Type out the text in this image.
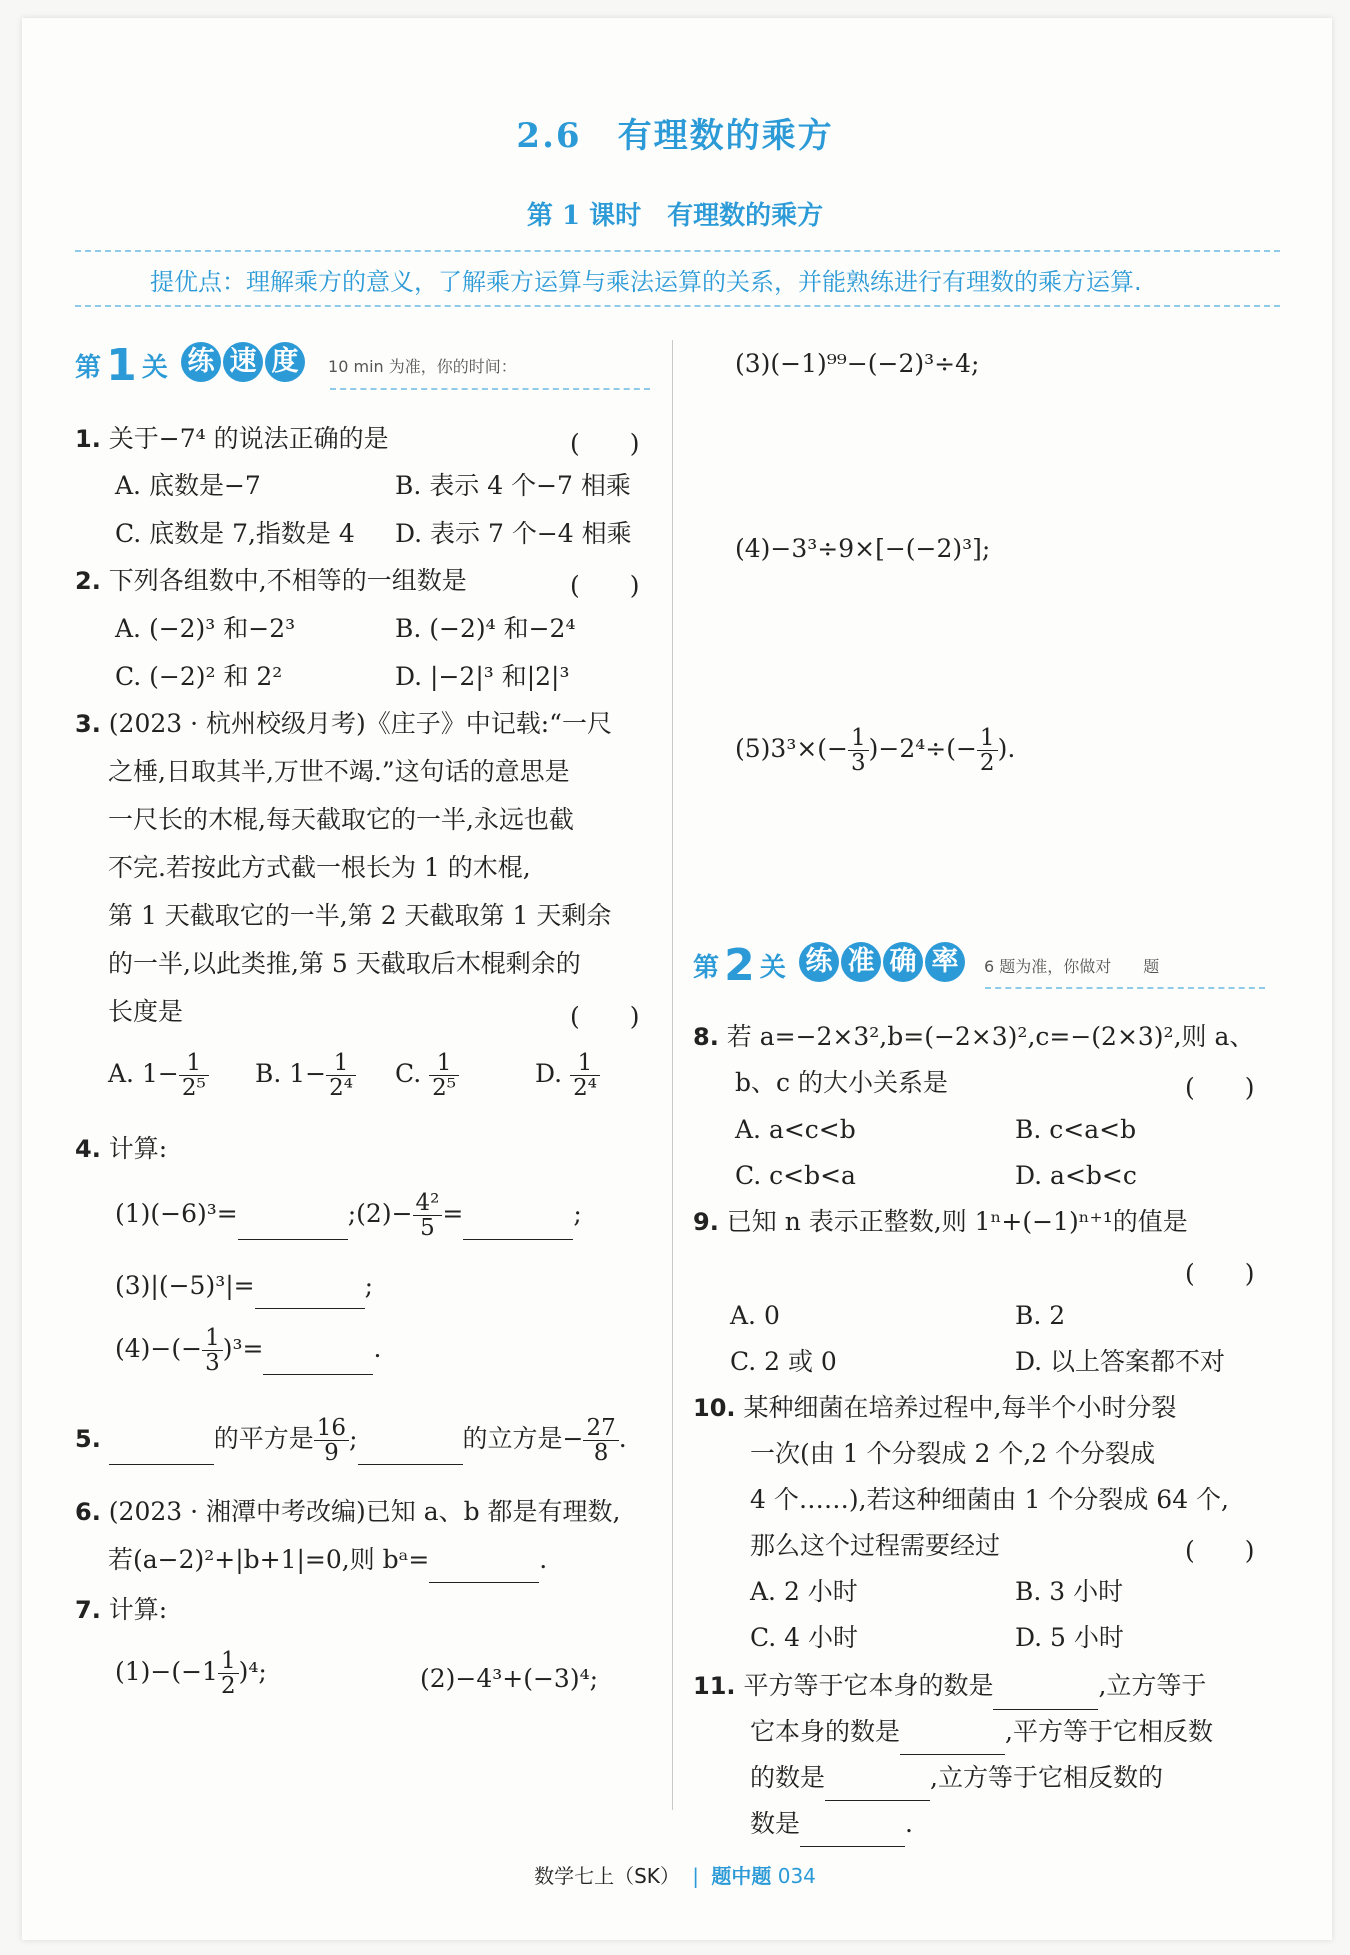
2.6　有理数的乘方
第 1 课时　有理数的乘方
提优点：理解乘方的意义，了解乘方运算与乘法运算的关系，并能熟练进行有理数的乘方运算.
第 1 关 练 速 度 10 min 为准，你的时间：
1. 关于−7⁴ 的说法正确的是	(　　)
A. 底数是−7	B. 表示 4 个−7 相乘
C. 底数是 7,指数是 4 D. 表示 7 个−4 相乘
2. 下列各组数中,不相等的一组数是	(　　)
A. (−2)³ 和−2³	B. (−2)⁴ 和−2⁴
C. (−2)² 和 2²	D. |−2|³ 和|2|³
3. (2023 · 杭州校级月考)《庄子》中记载:“一尺
之棰,日取其半,万世不竭.”这句话的意思是
一尺长的木棍,每天截取它的一半,永远也截
不完.若按此方式截一根长为 1 的木棍,
第 1 天截取它的一半,第 2 天截取第 1 天剩余
的一半,以此类推,第 5 天截取后木棍剩余的
长度是	(　　)
A. $1- \frac{1}{\text{2⁵}} B$. $1- \frac{1}{\text{2⁴}} C$. $\frac{1}{\text{2⁵}}$	D. $\frac{1}{\text{2⁴}}$
4. 计算:
(1)(−6)³=	;(2)− $\frac{\text{4²}}{5}$ =	;
(3)|(−5)³|=	;
$(4)-(- \frac{1}{3} )^3=$	.
5.	的平方是 $\frac{16}{9}$ ;	的立方是− $\frac{27}{8}$ .
6. (2023 · 湘潭中考改编)已知 a、b 都是有理数,
若(a−2)²+|b+1|=0,则 bᵃ=	.
7. 计算:
$(1)-(-1 \frac{1}{2} )^4$;	(2)−4³+(−3)⁴;
(3)(−1)⁹⁹−(−2)³÷4;
(4)−3³÷9×[−(−2)³];
$(5)3^3\times(- \frac{1}{3} )-2^4\div(- \frac{1}{2}$ ).
第 2 关 练 准 确 率 6 题为准，你做对　　题
8. 若 a=−2×3²,b=(−2×3)²,c=−(2×3)²,则 a、
b、c 的大小关系是	(　　)
A. a<c<b	B. c<a<b
C. c<b<a	D. a<b<c
9. 已知 n 表示正整数,则 1ⁿ+(−1)ⁿ⁺¹的值是
(　　)
A. 0	B. 2
C. 2 或 0	D. 以上答案都不对
10. 某种细菌在培养过程中,每半个小时分裂
一次(由 1 个分裂成 2 个,2 个分裂成
4 个……),若这种细菌由 1 个分裂成 64 个,
那么这个过程需要经过	(　　)
A. 2 小时	B. 3 小时
C. 4 小时	D. 5 小时
11. 平方等于它本身的数是	,立方等于
它本身的数是	,平方等于它相反数
的数是	,立方等于它相反数的
数是	.
数学七上（SK） | 题中题 034
